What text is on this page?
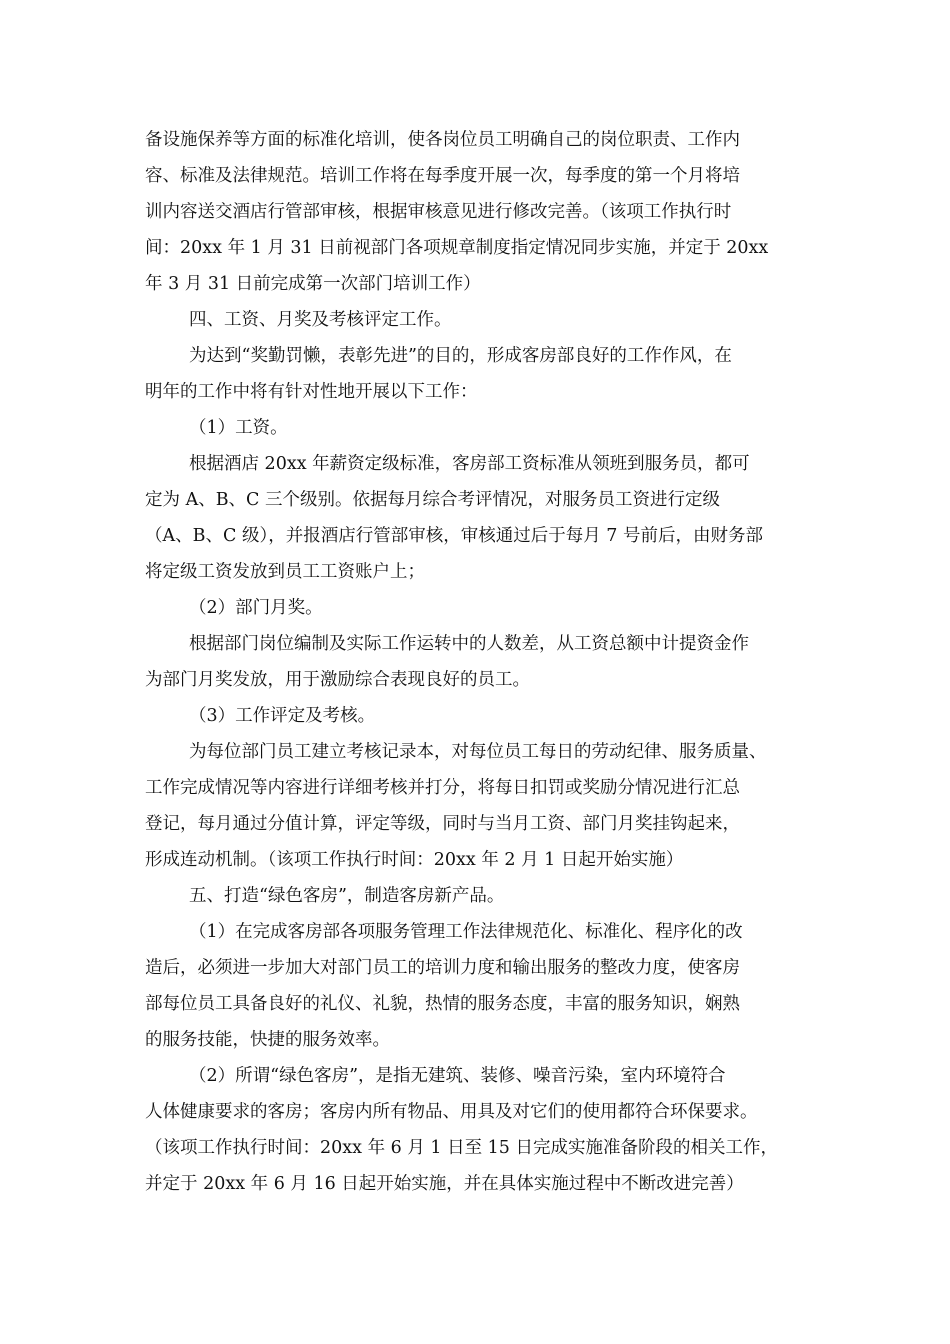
备设施保养等方面的标准化培训，使各岗位员工明确自己的岗位职责、工作内
容、标准及法律规范。培训工作将在每季度开展一次，每季度的第一个月将培
训内容送交酒店行管部审核，根据审核意见进行修改完善。（该项工作执行时
间：20xx 年 1 月 31 日前视部门各项规章制度指定情况同步实施，并定于 20xx
年 3 月 31 日前完成第一次部门培训工作）
四、工资、月奖及考核评定工作。
为达到“奖勤罚懒，表彰先进”的目的，形成客房部良好的工作作风，在
明年的工作中将有针对性地开展以下工作：
（1）工资。
根据酒店 20xx 年薪资定级标准，客房部工资标准从领班到服务员，都可
定为 A、B、C 三个级别。依据每月综合考评情况，对服务员工资进行定级
（A、B、C 级），并报酒店行管部审核，审核通过后于每月 7 号前后，由财务部
将定级工资发放到员工工资账户上；
（2）部门月奖。
根据部门岗位编制及实际工作运转中的人数差，从工资总额中计提资金作
为部门月奖发放，用于激励综合表现良好的员工。
（3）工作评定及考核。
为每位部门员工建立考核记录本，对每位员工每日的劳动纪律、服务质量、
工作完成情况等内容进行详细考核并打分，将每日扣罚或奖励分情况进行汇总
登记，每月通过分值计算，评定等级，同时与当月工资、部门月奖挂钩起来，
形成连动机制。（该项工作执行时间：20xx 年 2 月 1 日起开始实施）
五、打造“绿色客房”，制造客房新产品。
（1）在完成客房部各项服务管理工作法律规范化、标准化、程序化的改
造后，必须进一步加大对部门员工的培训力度和输出服务的整改力度，使客房
部每位员工具备良好的礼仪、礼貌，热情的服务态度，丰富的服务知识，娴熟
的服务技能，快捷的服务效率。
（2）所谓“绿色客房”，是指无建筑、装修、噪音污染，室内环境符合
人体健康要求的客房；客房内所有物品、用具及对它们的使用都符合环保要求。
（该项工作执行时间：20xx 年 6 月 1 日至 15 日完成实施准备阶段的相关工作，
并定于 20xx 年 6 月 16 日起开始实施，并在具体实施过程中不断改进完善）
